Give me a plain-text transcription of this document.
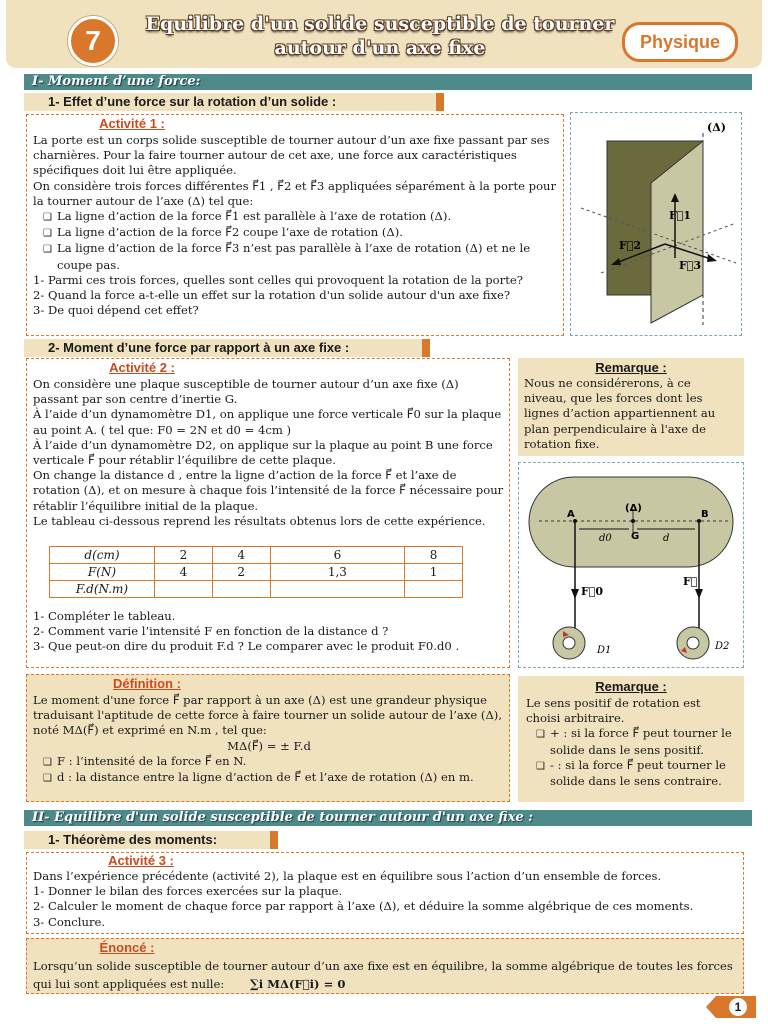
7
Equilibre d'un solide susceptible de tourner autour d'un axe fixe	Physique
I- Moment d’une force:
1- Effet d’une force sur la rotation d’un solide :
Activité 1 :

La porte est un corps solide susceptible de tourner autour d’un axe fixe passant par ses charnières. Pour la faire tourner autour de cet axe, une force aux caractéristiques spécifiques doit lui être appliquée.

On considère trois forces différentes F⃗1 , F⃗2 et F⃗3 appliquées séparément à la porte pour la tourner autour de l’axe (Δ) tel que:

❑ La ligne d’action de la force F⃗1 est parallèle à l’axe de rotation (Δ).

❑ La ligne d’action de la force F⃗2 coupe l’axe de rotation (Δ).

❑ La ligne d’action de la force F⃗3 n’est pas parallèle à l’axe de rotation (Δ) et ne le coupe pas.

1- Parmi ces trois forces, quelles sont celles qui provoquent la rotation de la porte?

2- Quand la force a-t-elle un effet sur la rotation d'un solide autour d'un axe fixe?

3- De quoi dépend cet effet?

(Δ)
F⃗1
F⃗2
F⃗3
2- Moment d’une force par rapport à un axe fixe :
Activité 2 :

On considère une plaque susceptible de tourner autour d’un axe fixe (Δ) passant par son centre d’inertie G.

À l’aide d’un dynamomètre D1, on applique une force verticale F⃗0 sur la plaque au point A. ( tel que: F0 = 2N et d0 = 4cm )

À l’aide d’un dynamomètre D2, on applique sur la plaque au point B une force verticale F⃗ pour rétablir l’équilibre de cette plaque.

On change la distance d , entre la ligne d’action de la force F⃗ et l’axe de rotation (Δ), et on mesure à chaque fois l’intensité de la force F⃗ nécessaire pour rétablir l’équilibre initial de la plaque.

Le tableau ci-dessous reprend les résultats obtenus lors de cette expérience.

d(cm)	2	4	6	8
F(N)	4	2	1,3	1
F.d(N.m)				

1- Compléter le tableau.

2- Comment varie l’intensité F en fonction de la distance d ?

3- Que peut-on dire du produit F.d ? Le comparer avec le produit F0.d0 .

Remarque :

Nous ne considérerons, à ce niveau, que les forces dont les lignes d’action appartiennent au plan perpendiculaire à l'axe de rotation fixe.

A	B
(Δ)
G
d0	d
F⃗0
F⃗
D1	D2
Définition :

Le moment d'une force F⃗ par rapport à un axe (Δ) est une grandeur physique traduisant l'aptitude de cette force à faire tourner un solide autour de l’axe (Δ), noté MΔ(F⃗) et exprimé en N.m , tel que:

MΔ(F⃗) = ± F.d

❑ F : l’intensité de la force F⃗ en N.

❑ d : la distance entre la ligne d’action de F⃗ et l’axe de rotation (Δ) en m.

Remarque :

Le sens positif de rotation est choisi arbitraire.

❑ + : si la force F⃗ peut tourner le solide dans le sens positif.

❑ - : si la force F⃗ peut tourner le solide dans le sens contraire.

II- Equilibre d'un solide susceptible de tourner autour d'un axe fixe :
1- Théorème des moments:
Activité 3 :

Dans l’expérience précédente (activité 2), la plaque est en équilibre sous l’action d’un ensemble de forces.

1- Donner le bilan des forces exercées sur la plaque.

2- Calculer le moment de chaque force par rapport à l’axe (Δ), et déduire la somme algébrique de ces moments.

3- Conclure.

Énoncé :
Lorsqu’un solide susceptible de tourner autour d’un axe fixe est en équilibre, la somme algébrique de toutes les forces qui lui sont appliquées est nulle: ∑i MΔ(F⃗i) = 0
1
